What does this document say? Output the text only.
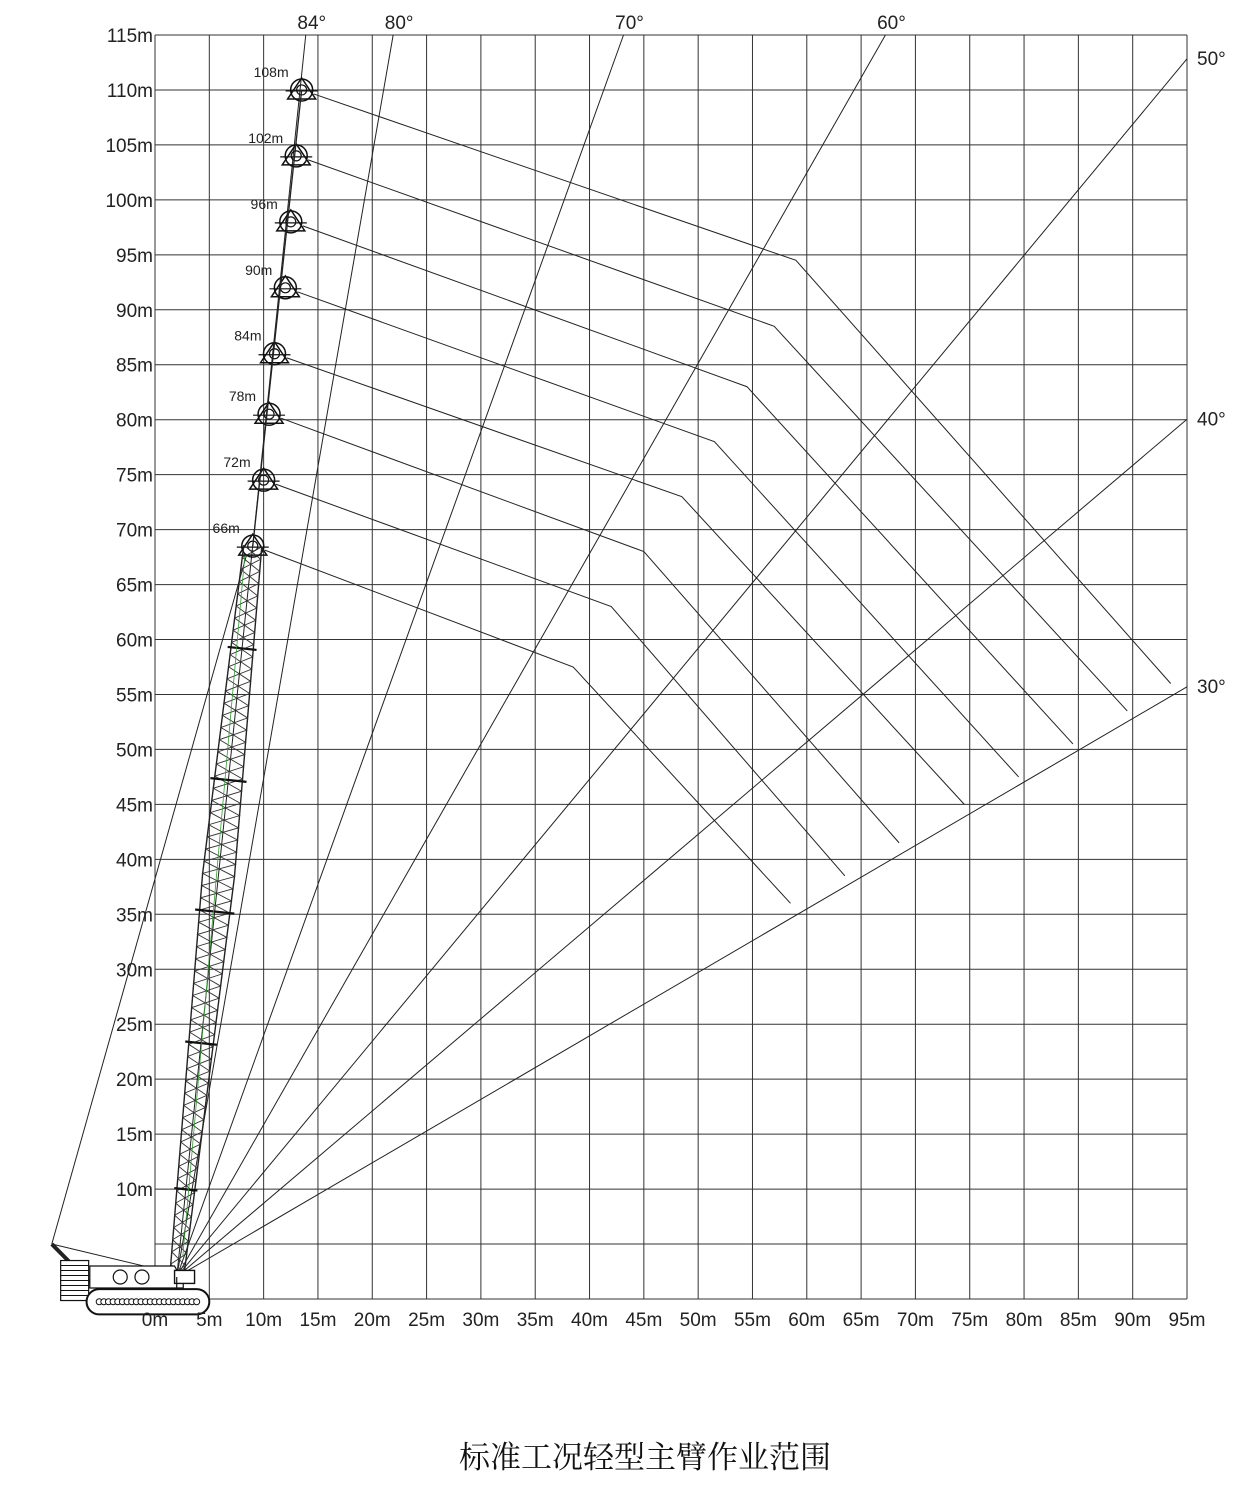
84°	80°	70°	60°
50°
40°
30°
66m
72m
78m
84m
90m
96m
102m
108m
10m
15m
20m
25m
30m
35m
40m
45m
50m
55m
60m
65m
70m
75m
80m
85m
90m
95m
100m
105m
110m
115m
0m 5m 10m 15m 20m 25m 30m 35m 40m 45m 50m 55m 60m 65m 70m 75m 80m 85m 90m 95m
标准工况轻型主臂作业范围
